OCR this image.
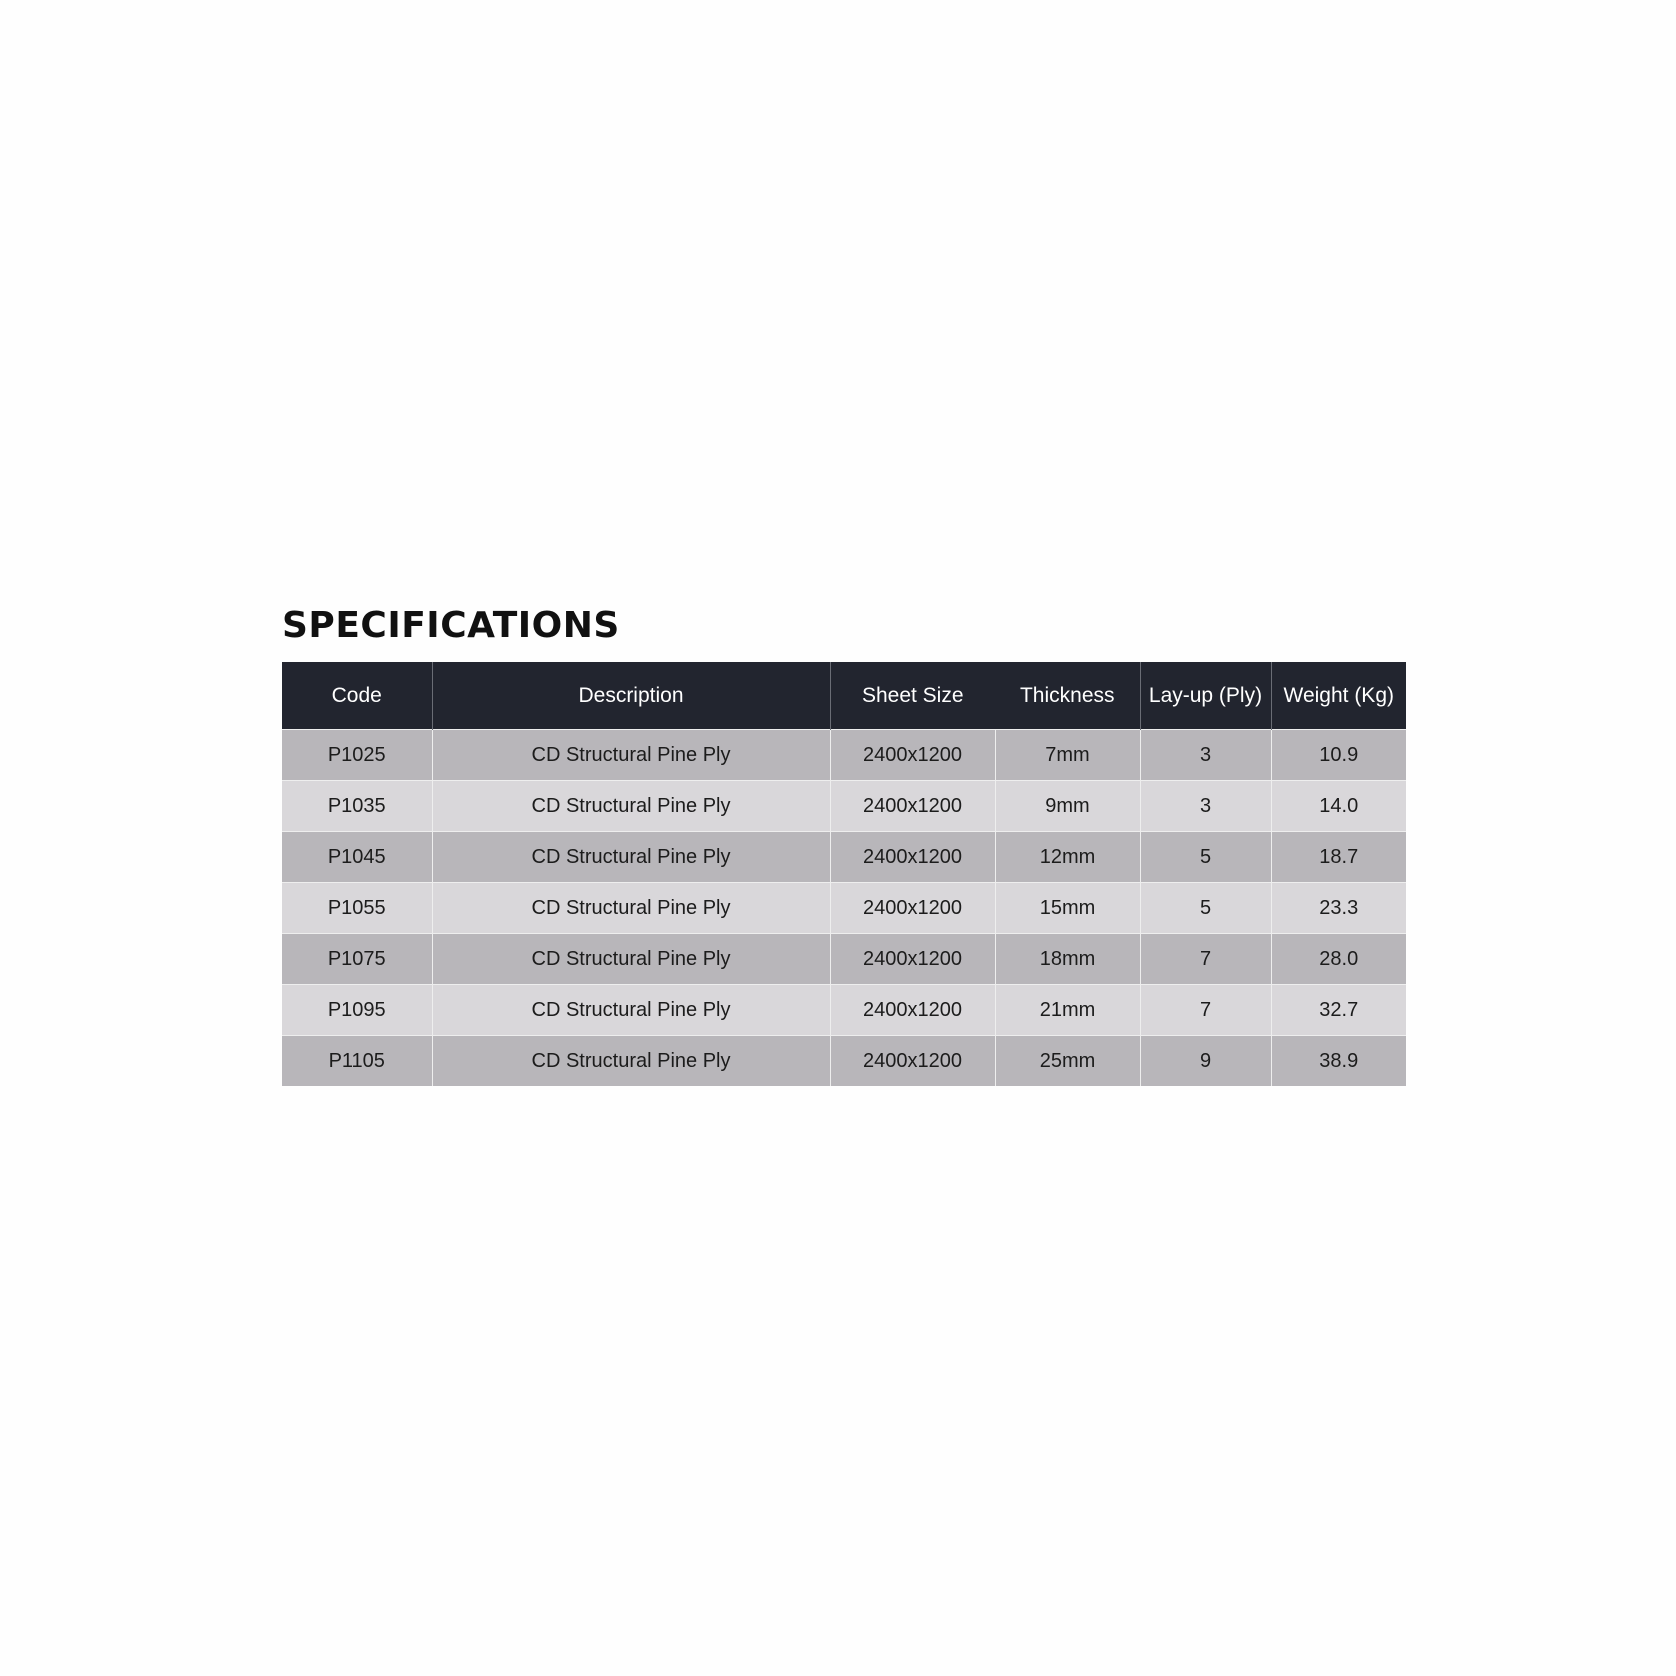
SPECIFICATIONS
Code	Description	Sheet Size	Thickness	Lay-up (Ply)	Weight (Kg)
P1025	CD Structural Pine Ply	2400x1200	7mm	3	10.9
P1035	CD Structural Pine Ply	2400x1200	9mm	3	14.0
P1045	CD Structural Pine Ply	2400x1200	12mm	5	18.7
P1055	CD Structural Pine Ply	2400x1200	15mm	5	23.3
P1075	CD Structural Pine Ply	2400x1200	18mm	7	28.0
P1095	CD Structural Pine Ply	2400x1200	21mm	7	32.7
P1105	CD Structural Pine Ply	2400x1200	25mm	9	38.9
